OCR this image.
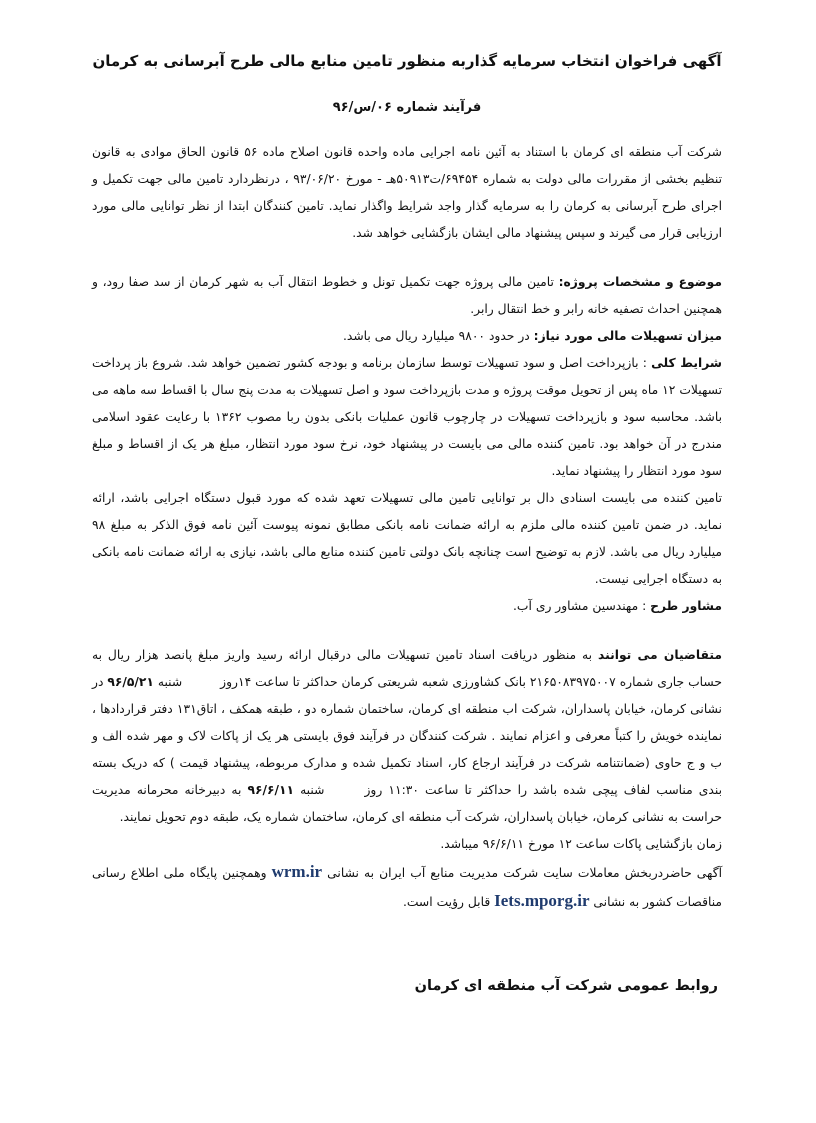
آگهی فراخوان انتخاب سرمایه گذاربه منظور تامین منابع مالی طرح آبرسانی به کرمان
فرآیند شماره ۰۶/س/۹۶
شرکت آب منطقه ای کرمان با استناد به آئین نامه اجرایی ماده واحده قانون اصلاح ماده ۵۶ قانون الحاق موادی به قانون تنظیم بخشی از مقررات مالی دولت به شماره ۶۹۴۵۴/ت۵۰۹۱۳هـ - مورخ ۹۳/۰۶/۲۰ ، درنظردارد تامین مالی جهت تکمیل و اجرای طرح آبرسانی به کرمان را به سرمایه گذار واجد شرایط واگذار نماید. تامین کنندگان ابتدا از نظر توانایی مالی مورد ارزیابی قرار می گیرند و سپس پیشنهاد مالی ایشان بازگشایی خواهد شد.
موضوع و مشخصات پروژه: تامین مالی پروژه جهت تکمیل تونل و خطوط انتقال آب به شهر کرمان از سد صفا رود، و همچنین احداث تصفیه خانه رابر و خط انتقال رابر.
میزان تسهیلات مالی مورد نیاز: در حدود ۹۸۰۰ میلیارد ریال می باشد.
شرایط کلی : بازپرداخت اصل و سود تسهیلات توسط سازمان برنامه و بودجه کشور تضمین خواهد شد. شروع باز پرداخت تسهیلات ۱۲ ماه پس از تحویل موقت پروژه و مدت بازپرداخت سود و اصل تسهیلات به مدت پنج سال با اقساط سه ماهه می باشد. محاسبه سود و بازپرداخت تسهیلات در چارچوب قانون عملیات بانکی بدون ربا مصوب ۱۳۶۲ با رعایت عقود اسلامی مندرج در آن خواهد بود. تامین کننده مالی می بایست در پیشنهاد خود، نرخ سود مورد انتظار، مبلغ هر یک از اقساط و مبلغ سود مورد انتظار را پیشنهاد نماید.
تامین کننده می بایست اسنادی دال بر توانایی تامین مالی تسهیلات تعهد شده که مورد قبول دستگاه اجرایی باشد، ارائه نماید. در ضمن تامین کننده مالی ملزم به ارائه ضمانت نامه بانکی مطابق نمونه پیوست آئین نامه فوق الذکر به مبلغ ۹۸ میلیارد ریال می باشد. لازم به توضیح است چنانچه بانک دولتی تامین کننده منابع مالی باشد، نیازی به ارائه ضمانت نامه بانکی به دستگاه اجرایی نیست.
مشاور طرح : مهندسین مشاور ری آب.
متقاضیان می توانند به منظور دریافت اسناد تامین تسهیلات مالی درقبال ارائه رسید واریز مبلغ پانصد هزار ریال به حساب جاری شماره ۲۱۶۵۰۸۳۹۷۵۰۰۷ بانک کشاورزی شعبه شریعتی کرمان حداکثر تا ساعت ۱۴روز شنبه ۹۶/۵/۲۱ در نشانی کرمان، خیابان پاسداران، شرکت اب منطقه ای کرمان، ساختمان شماره دو ، طبقه همکف ، اتاق۱۳۱ دفتر قراردادها ، نماینده خویش را کتباً معرفی و اعزام نمایند . شرکت کنندگان در فرآیند فوق بایستی هر یک از پاکات لاک و مهر شده الف و ب و ج حاوی (ضمانتنامه شرکت در فرآیند ارجاع کار، اسناد تکمیل شده و مدارک مربوطه، پیشنهاد قیمت ) که دریک بسته بندی مناسب لفاف پیچی شده باشد را حداکثر تا ساعت ۱۱:۳۰ روز شنبه ۹۶/۶/۱۱ به دبیرخانه محرمانه مدیریت حراست به نشانی کرمان، خیابان پاسداران، شرکت آب منطقه ای کرمان، ساختمان شماره یک، طبقه دوم تحویل نمایند.
زمان بازگشایی پاکات ساعت ۱۲ مورخ ۹۶/۶/۱۱ میباشد.
آگهی حاضردربخش معاملات سایت شرکت مدیریت منابع آب ایران به نشانی wrm.ir وهمچنین پایگاه ملی اطلاع رسانی مناقصات کشور به نشانی Iets.mporg.ir قابل رؤیت است.
روابط عمومی شرکت آب منطقه ای کرمان
